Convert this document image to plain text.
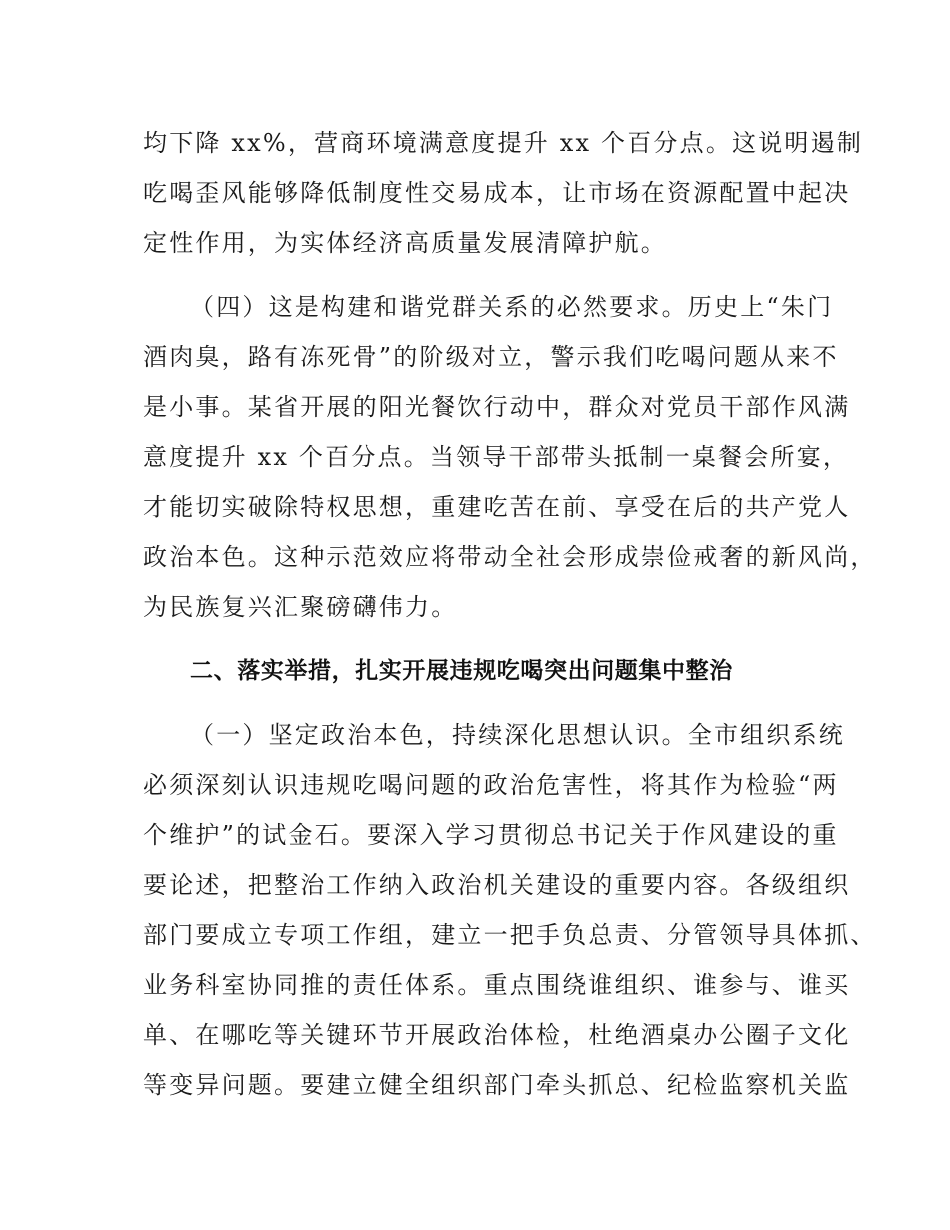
均下降 xx%，营商环境满意度提升 xx 个百分点。这说明遏制
吃喝歪风能够降低制度性交易成本，让市场在资源配置中起决
定性作用，为实体经济高质量发展清障护航。
（四）这是构建和谐党群关系的必然要求。历史上“朱门
酒肉臭，路有冻死骨”的阶级对立，警示我们吃喝问题从来不
是小事。某省开展的阳光餐饮行动中，群众对党员干部作风满
意度提升 xx 个百分点。当领导干部带头抵制一桌餐会所宴，
才能切实破除特权思想，重建吃苦在前、享受在后的共产党人
政治本色。这种示范效应将带动全社会形成崇俭戒奢的新风尚，
为民族复兴汇聚磅礴伟力。
二、落实举措，扎实开展违规吃喝突出问题集中整治
（一）坚定政治本色，持续深化思想认识。全市组织系统
必须深刻认识违规吃喝问题的政治危害性，将其作为检验“两
个维护”的试金石。要深入学习贯彻总书记关于作风建设的重
要论述，把整治工作纳入政治机关建设的重要内容。各级组织
部门要成立专项工作组，建立一把手负总责、分管领导具体抓、
业务科室协同推的责任体系。重点围绕谁组织、谁参与、谁买
单、在哪吃等关键环节开展政治体检，杜绝酒桌办公圈子文化
等变异问题。要建立健全组织部门牵头抓总、纪检监察机关监
